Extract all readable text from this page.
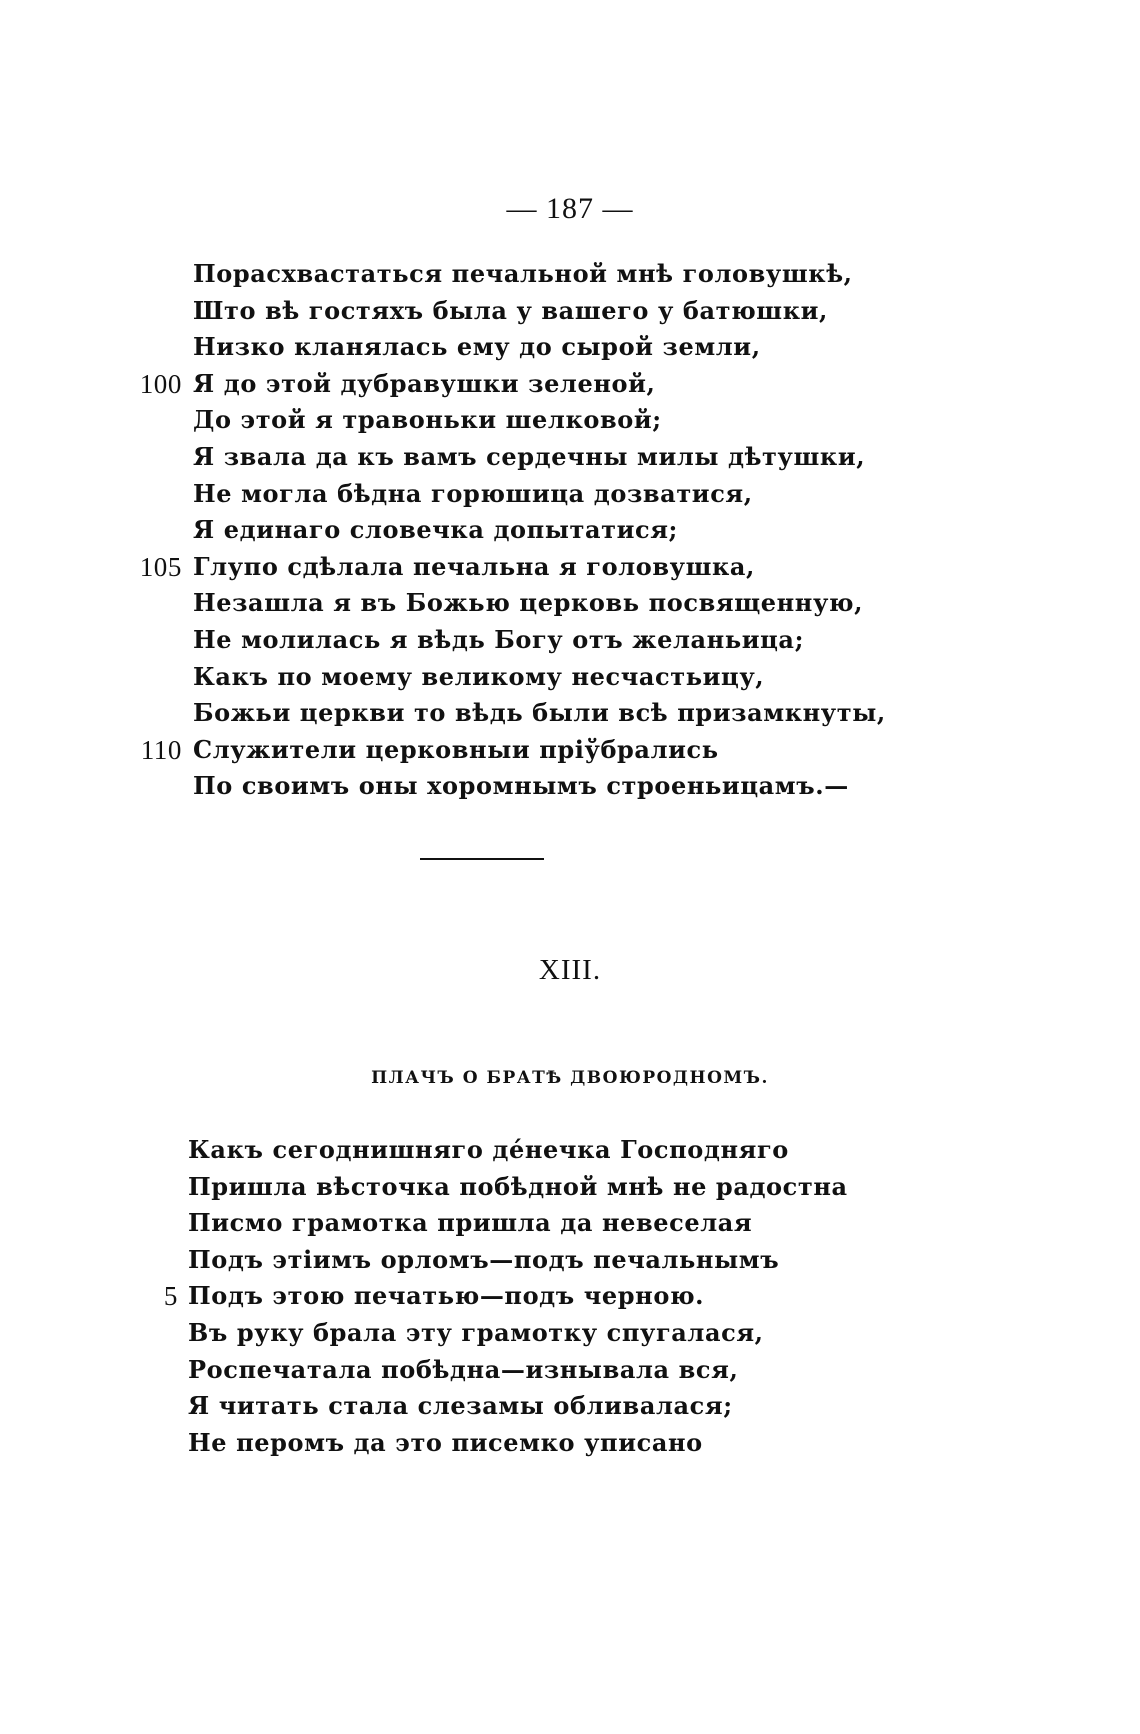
— 187 —
Порасхвастаться печальной мнѣ головушкѣ,
Што вѣ гостяхъ была у вашего у батюшки,
Низко кланялась ему до сырой земли,
100 Я до этой дубравушки зеленой,
До этой я травоньки шелковой;
Я звала да къ вамъ сердечны милы дѣтушки,
Не могла бѣдна горюшица дозватися,
Я единаго словечка допытатися;
105 Глупо сдѣлала печальна я головушка,
Незашла я въ Божью церковь посвященную,
Не молилась я вѣдь Богу отъ желаньица;
Какъ по моему великому несчастьицу,
Божьи церкви то вѣдь были всѣ призамкнуты,
110 Служители церковныи прiўбрались
По своимъ оны хоромнымъ строеньицамъ.—
XIII.
ПЛАЧЪ О БРАТѢ ДВОЮРОДНОМЪ.
Какъ сегоднишняго дéнечка Господняго
Пришла вѣсточка побѣдной мнѣ не радостна
Писмо грамотка пришла да невеселая
Подъ этiимъ орломъ—подъ печальнымъ
5 Подъ этою печатью—подъ черною.
Въ руку брала эту грамотку спугалася,
Роспечатала побѣдна—изнывала вся,
Я читать стала слезамы обливалася;
Не перомъ да это писемко уписано
